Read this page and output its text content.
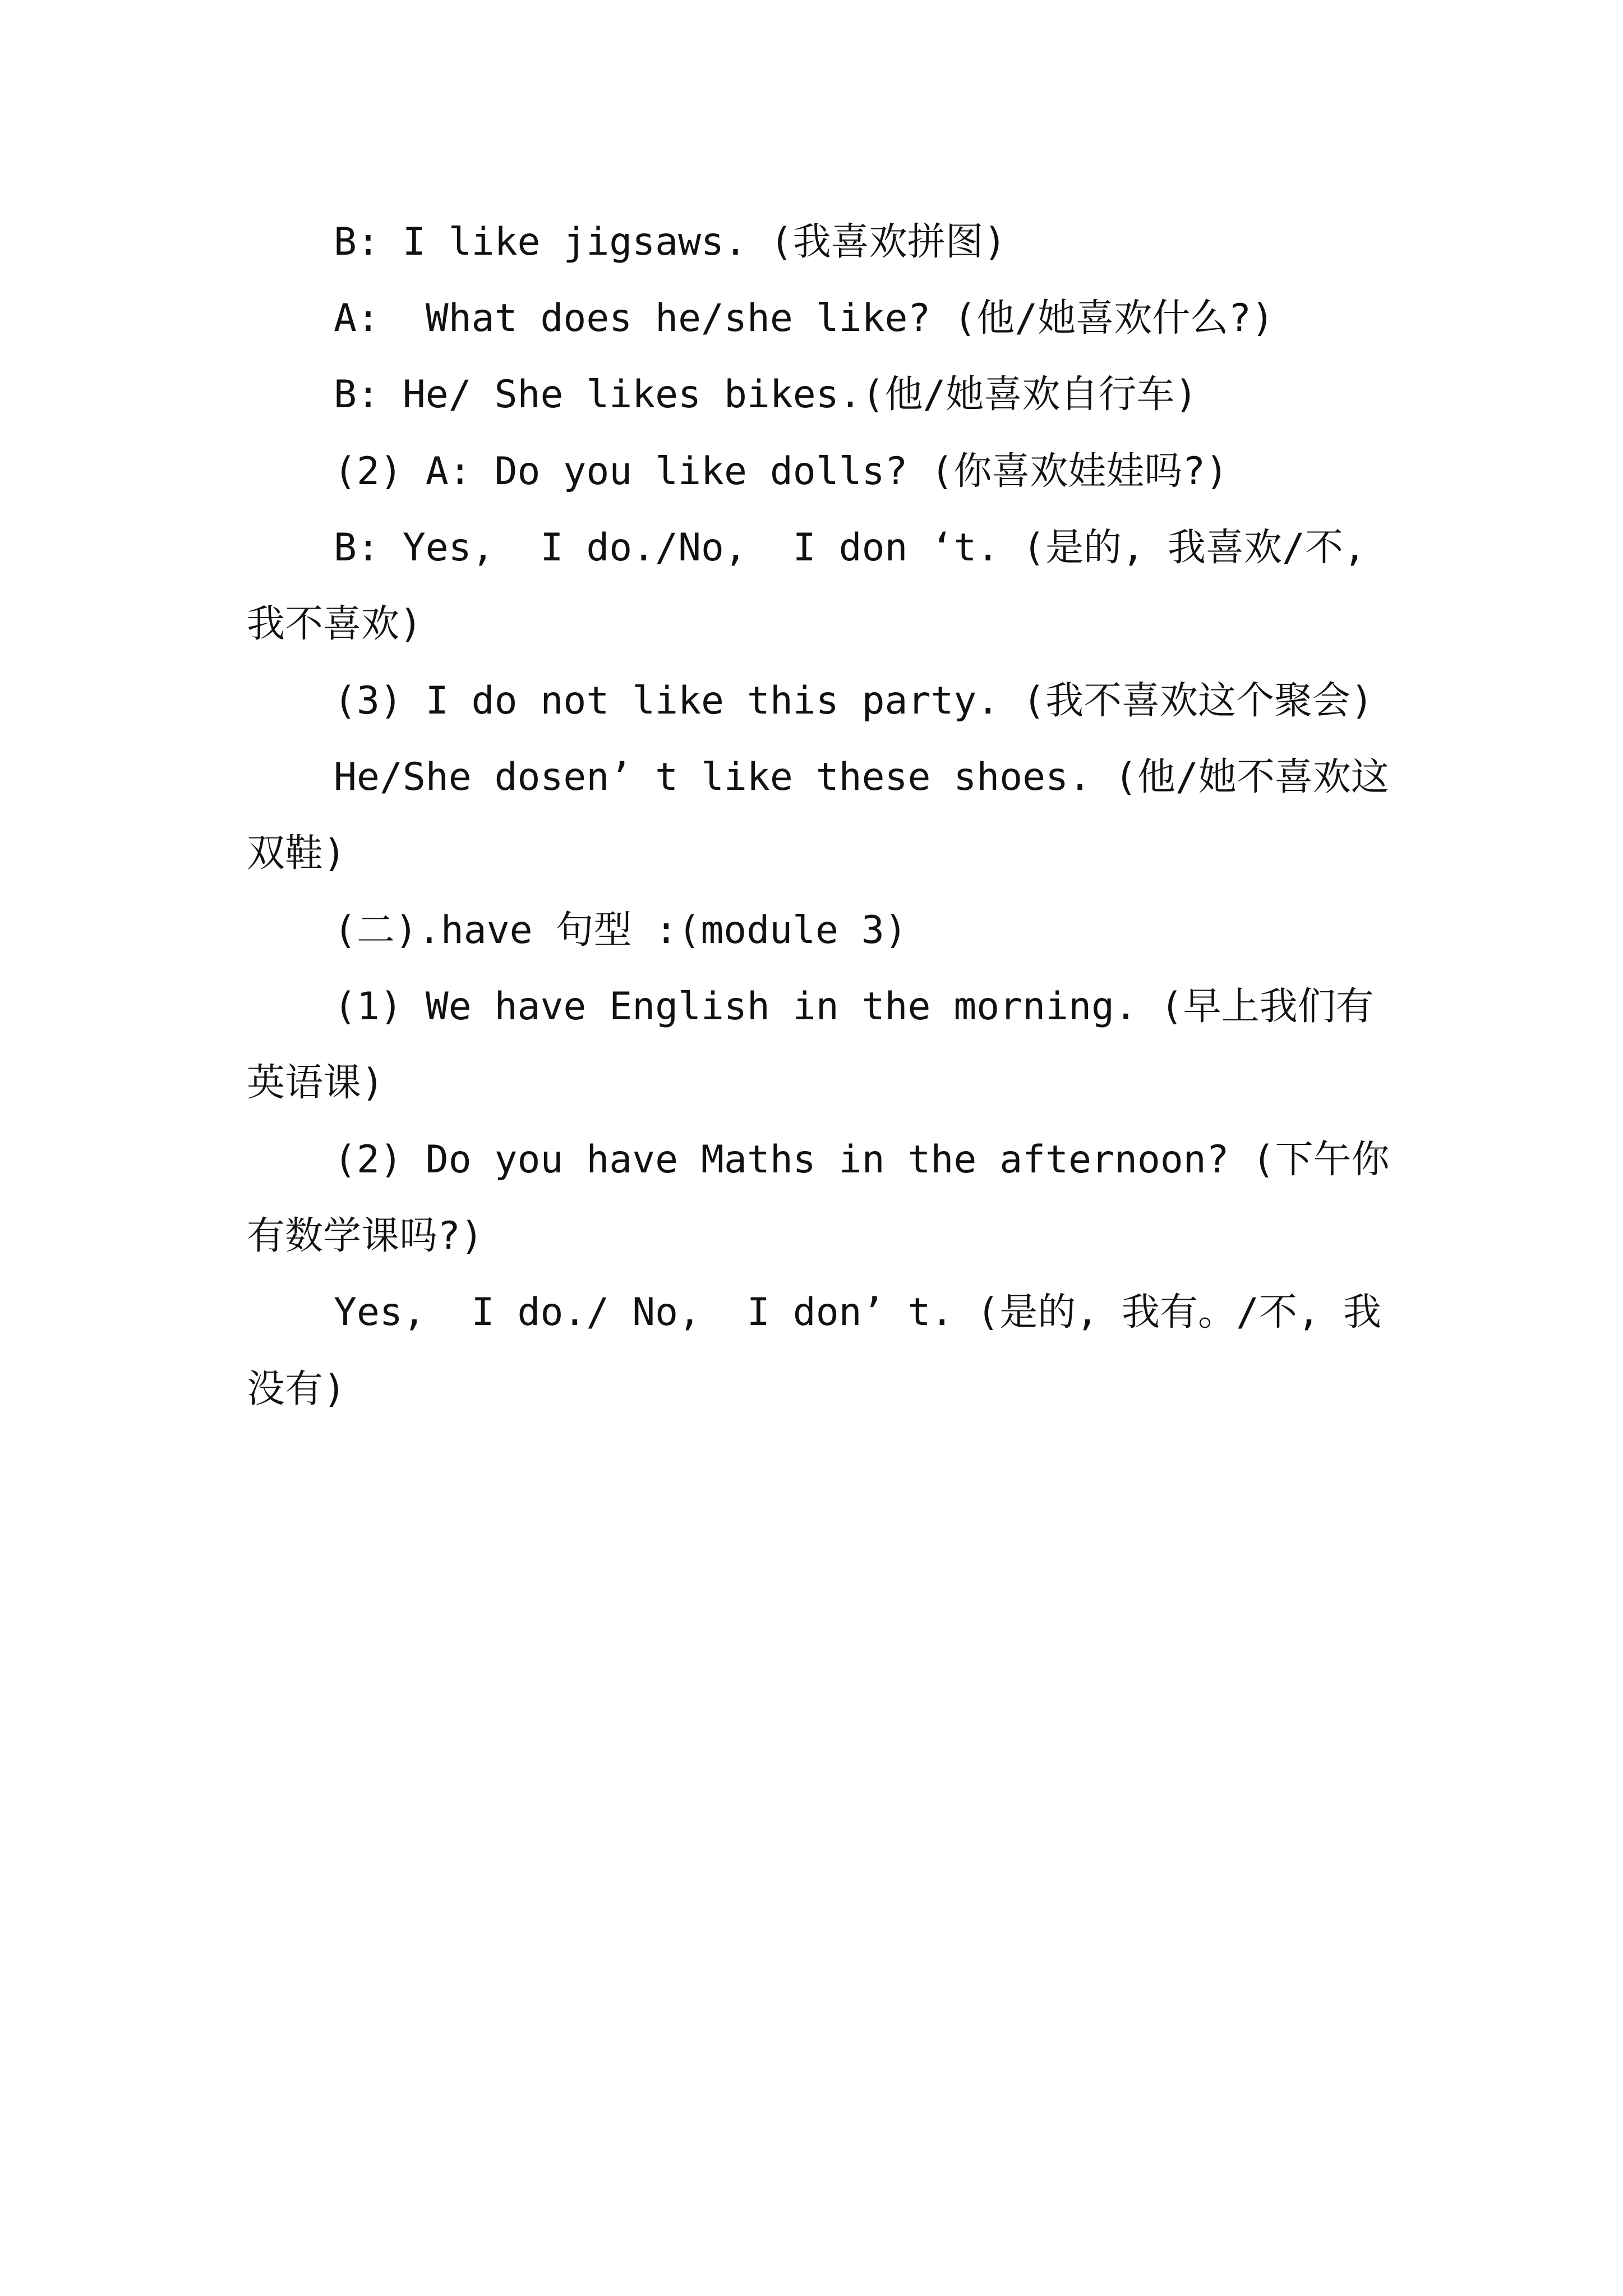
B: I like jigsaws. (我喜欢拼图)
A:  What does he/she like? (他/她喜欢什么?)
B: He/ She likes bikes.(他/她喜欢自行车)
(2) A: Do you like dolls? (你喜欢娃娃吗?)
B: Yes,  I do./No,  I don ‘t. (是的, 我喜欢/不,
我不喜欢)
(3) I do not like this party. (我不喜欢这个聚会)
He/She dosen’ t like these shoes. (他/她不喜欢这
双鞋)
(二).have 句型 :(module 3)
(1) We have English in the morning. (早上我们有
英语课)
(2) Do you have Maths in the afternoon? (下午你
有数学课吗?)
Yes,  I do./ No,  I don’ t. (是的, 我有。/不, 我
没有)
